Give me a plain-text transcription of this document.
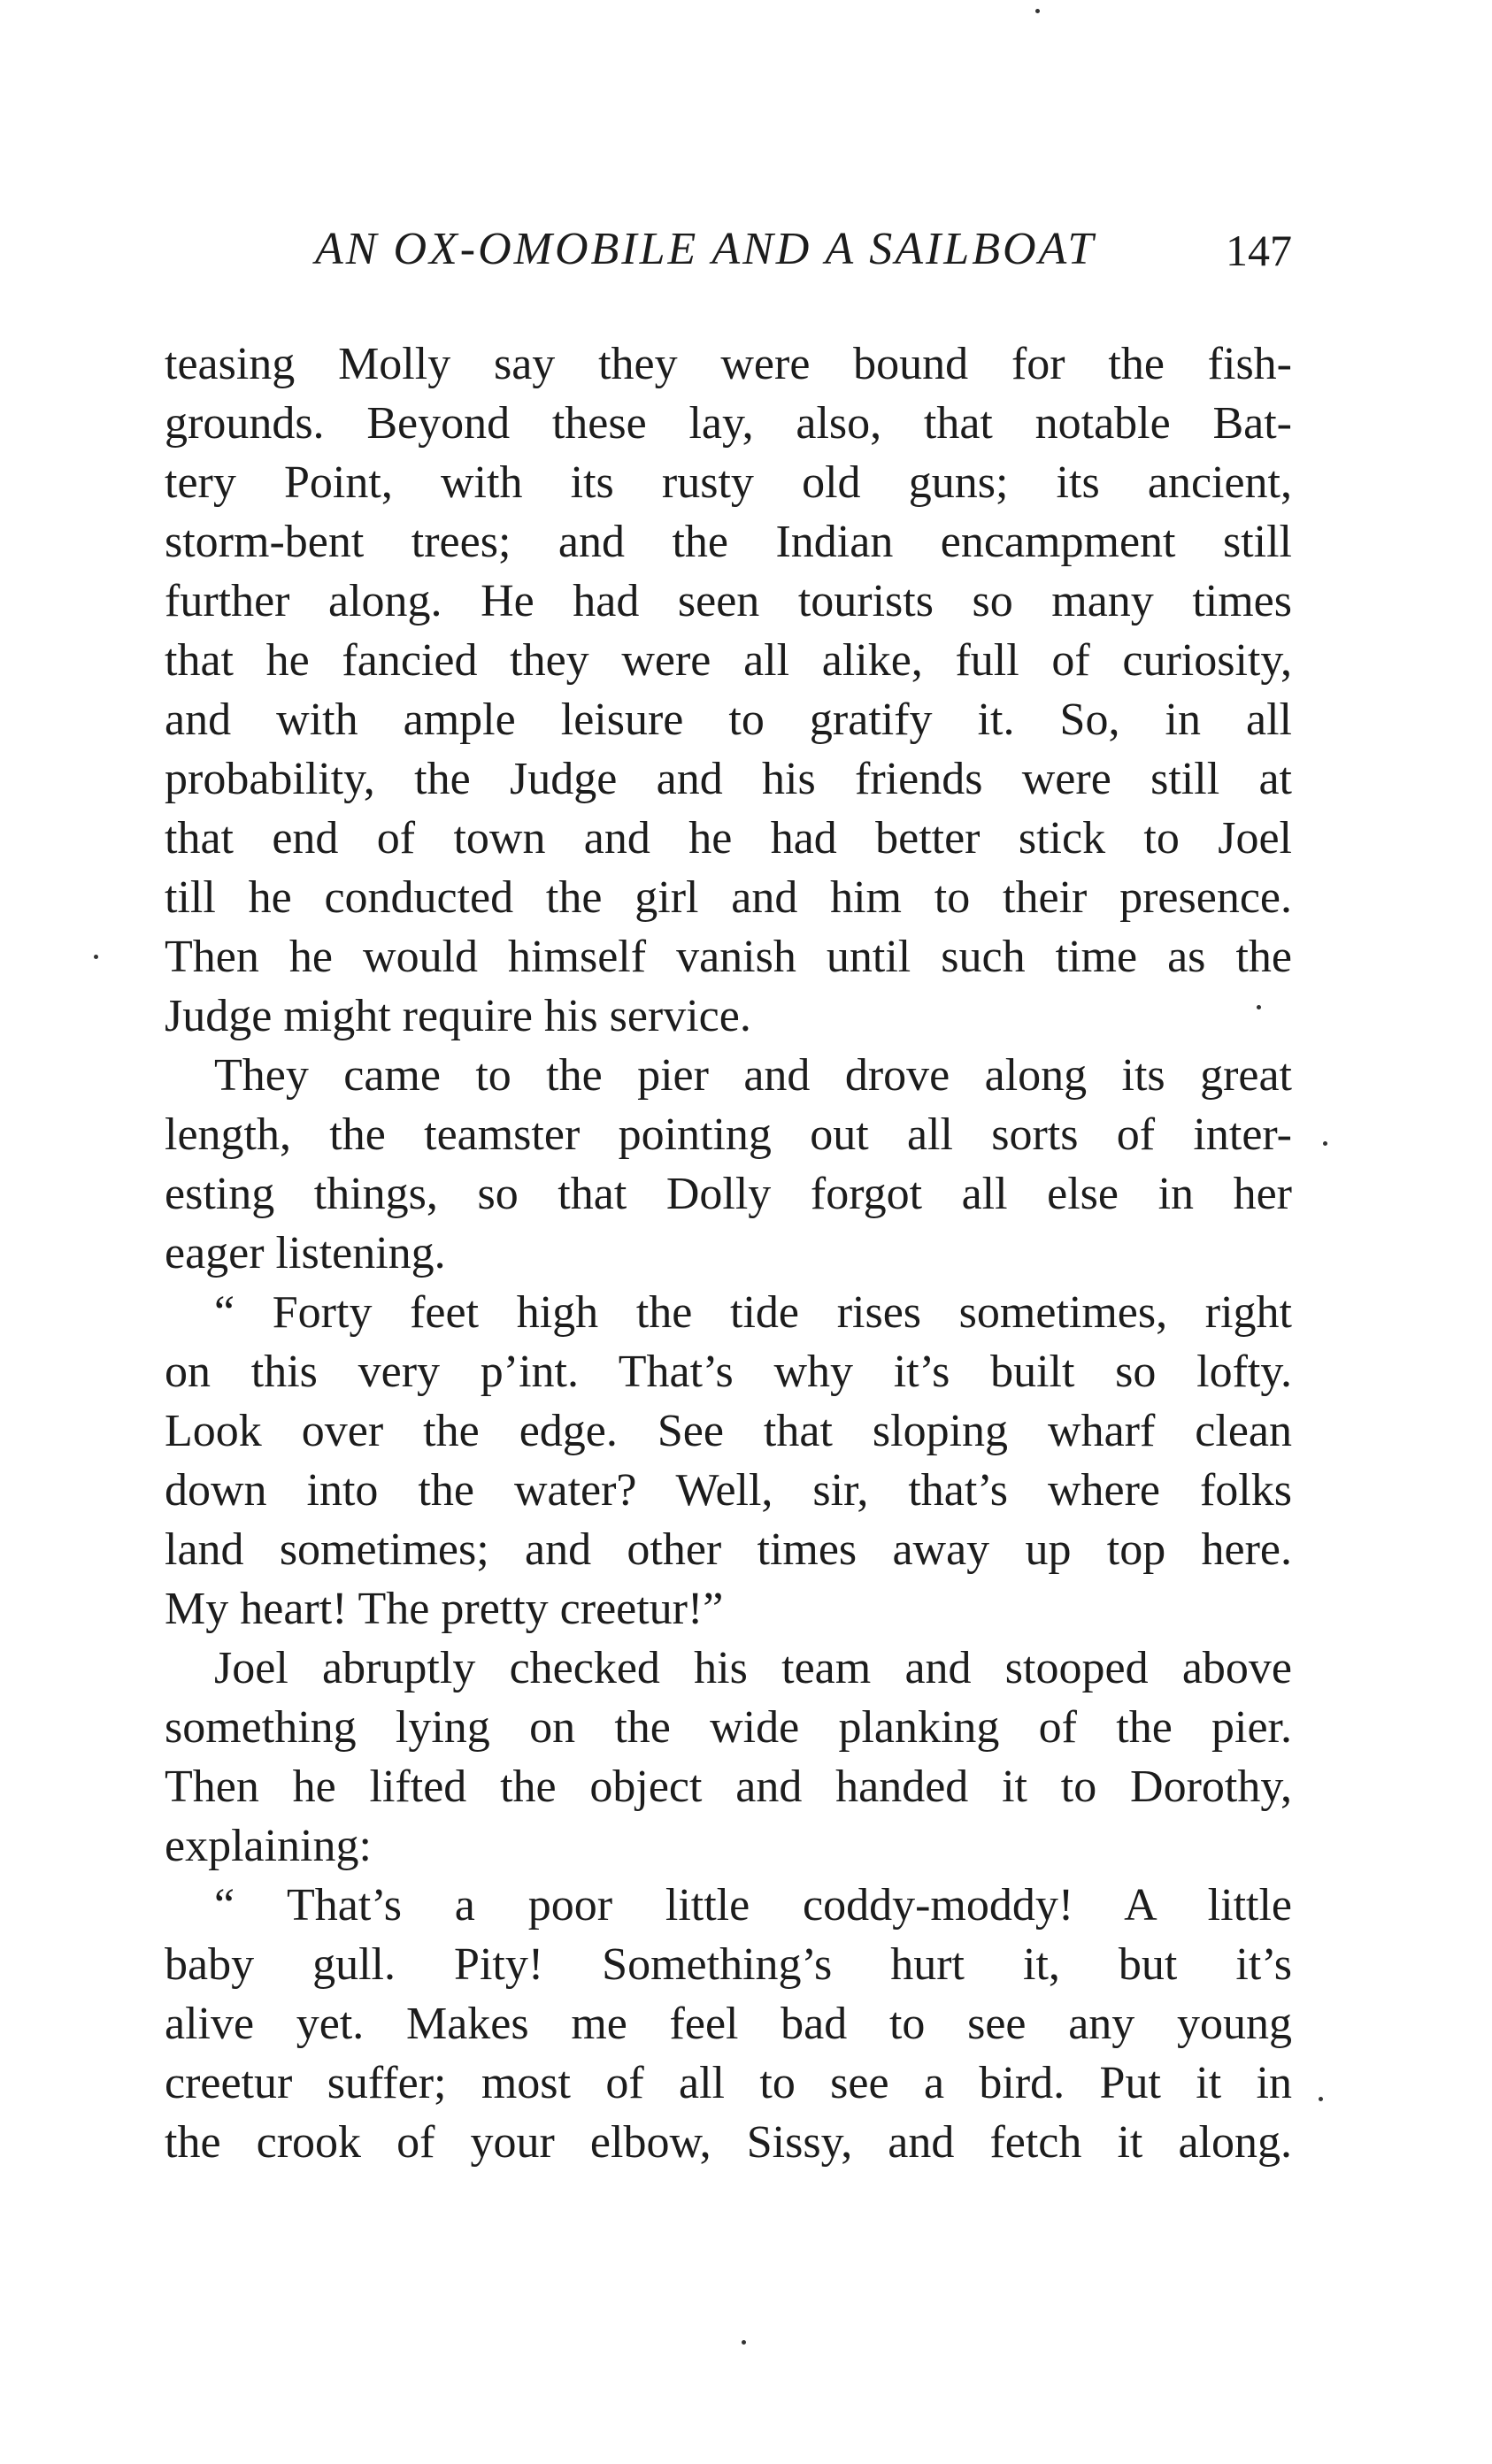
AN OX-OMOBILE AND A SAILBOAT	147
teasing Molly say they were bound for the fish-
grounds. Beyond these lay, also, that notable Bat-
tery Point, with its rusty old guns; its ancient,
storm-bent trees; and the Indian encampment still
further along. He had seen tourists so many times
that he fancied they were all alike, full of curiosity,
and with ample leisure to gratify it. So, in all
probability, the Judge and his friends were still at
that end of town and he had better stick to Joel
till he conducted the girl and him to their presence.
Then he would himself vanish until such time as the
Judge might require his service.
They came to the pier and drove along its great
length, the teamster pointing out all sorts of inter-
esting things, so that Dolly forgot all else in her
eager listening.
“ Forty feet high the tide rises sometimes, right
on this very p’int. That’s why it’s built so lofty.
Look over the edge. See that sloping wharf clean
down into the water? Well, sir, that’s where folks
land sometimes; and other times away up top here.
My heart! The pretty creetur!”
Joel abruptly checked his team and stooped above
something lying on the wide planking of the pier.
Then he lifted the object and handed it to Dorothy,
explaining:
“ That’s a poor little coddy-moddy! A little
baby gull. Pity! Something’s hurt it, but it’s
alive yet. Makes me feel bad to see any young
creetur suffer; most of all to see a bird. Put it in
the crook of your elbow, Sissy, and fetch it along.
